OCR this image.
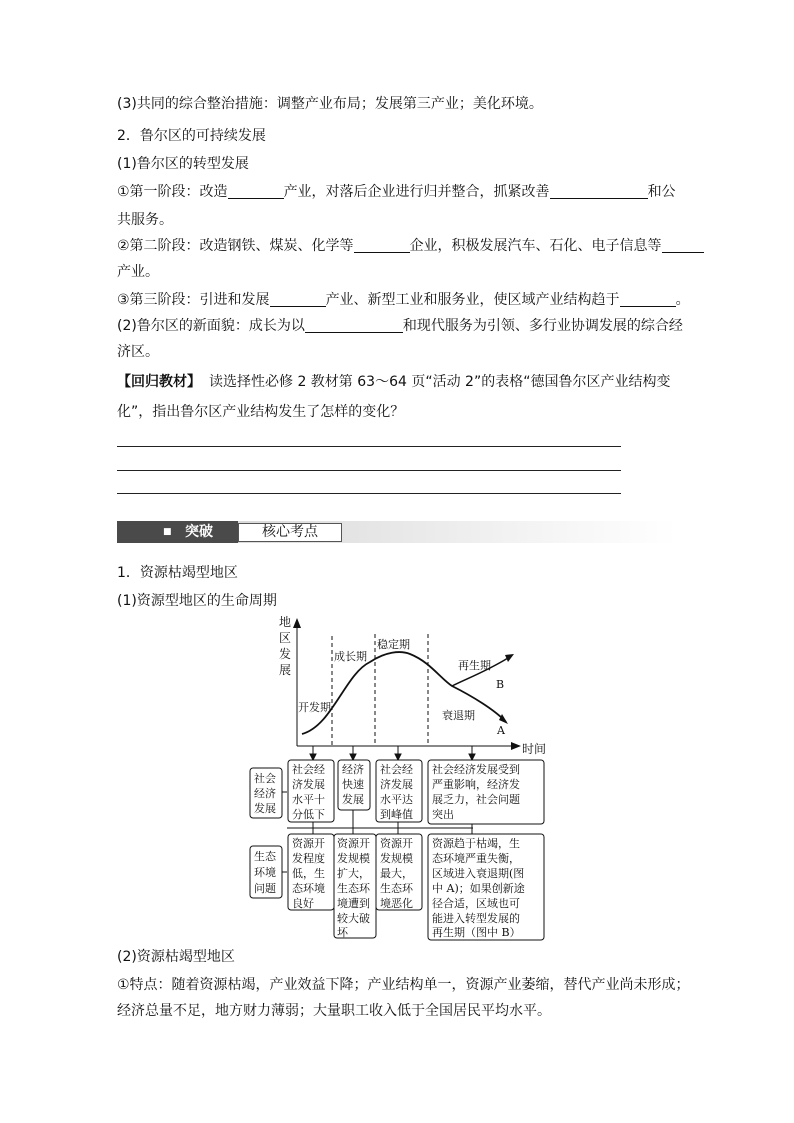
(3)共同的综合整治措施：调整产业布局；发展第三产业；美化环境。
2．鲁尔区的可持续发展
(1)鲁尔区的转型发展
①第一阶段：改造	产业，对落后企业进行归并整合，抓紧改善	和公
共服务。
②第二阶段：改造钢铁、煤炭、化学等	企业，积极发展汽车、石化、电子信息等
产业。
③第三阶段：引进和发展	产业、新型工业和服务业，使区域产业结构趋于	。
(2)鲁尔区的新面貌：成长为以	和现代服务为引领、多行业协调发展的综合经
济区。
【回归教材】 读选择性必修 2 教材第 63～64 页“活动 2”的表格“德国鲁尔区产业结构变
化”，指出鲁尔区产业结构发生了怎样的变化？
■ 突破	核心考点
1．资源枯竭型地区
(1)资源型地区的生命周期
地
区
发
展
时间
开发期
成长期
稳定期
再生期
衰退期
B
A
社会
经济
发展
生态
环境
问题
社会经
济发展
水平十
分低下
经济
快速
发展
社会经
济发展
水平达
到峰值
社会经济发展受到
严重影响，经济发
展乏力，社会问题
突出
资源开
发程度
低，生
态环境
良好
资源开
发规模
扩大，
生态环
境遭到
较大破
坏
资源开
发规模
最大，
生态环
境恶化
资源趋于枯竭，生
态环境严重失衡，
区域进入衰退期(图
中 A)；如果创新途
径合适，区域也可
能进入转型发展的
再生期（图中 B）
(2)资源枯竭型地区
①特点：随着资源枯竭，产业效益下降；产业结构单一，资源产业萎缩，替代产业尚未形成；
经济总量不足，地方财力薄弱；大量职工收入低于全国居民平均水平。
